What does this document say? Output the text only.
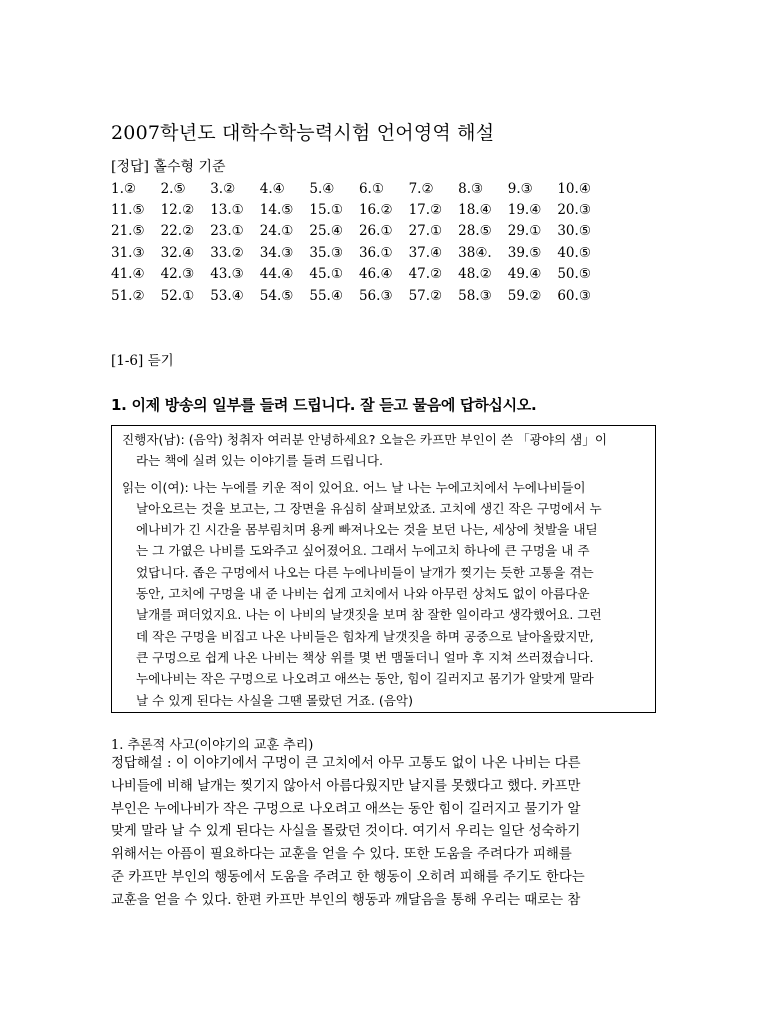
2007학년도 대학수학능력시험 언어영역 해설
[정답] 홀수형 기준
1.②	2.⑤	3.②	4.④	5.④	6.①	7.②	8.③	9.③	10.④
11.⑤	12.②	13.①	14.⑤	15.①	16.②	17.②	18.④	19.④	20.③
21.⑤	22.②	23.①	24.①	25.④	26.①	27.①	28.⑤	29.①	30.⑤
31.③	32.④	33.②	34.③	35.③	36.①	37.④	38④.	39.⑤	40.⑤
41.④	42.③	43.③	44.④	45.①	46.④	47.②	48.②	49.④	50.⑤
51.②	52.①	53.④	54.⑤	55.④	56.③	57.②	58.③	59.②	60.③
[1-6] 듣기
1. 이제 방송의 일부를 들려 드립니다. 잘 듣고 물음에 답하십시오.

진행자(남): (음악) 청취자 여러분 안녕하세요? 오늘은 카프만 부인이 쓴 「광야의 샘」이
라는 책에 실려 있는 이야기를 들려 드립니다.

읽는 이(여): 나는 누에를 키운 적이 있어요. 어느 날 나는 누에고치에서 누에나비들이
날아오르는 것을 보고는, 그 장면을 유심히 살펴보았죠. 고치에 생긴 작은 구멍에서 누
에나비가 긴 시간을 몸부림치며 용케 빠져나오는 것을 보던 나는, 세상에 첫발을 내딛
는 그 가엾은 나비를 도와주고 싶어졌어요. 그래서 누에고치 하나에 큰 구멍을 내 주
었답니다. 좁은 구멍에서 나오는 다른 누에나비들이 날개가 찢기는 듯한 고통을 겪는
동안, 고치에 구멍을 내 준 나비는 쉽게 고치에서 나와 아무런 상처도 없이 아름다운
날개를 펴더었지요. 나는 이 나비의 날갯짓을 보며 참 잘한 일이라고 생각했어요. 그런
데 작은 구멍을 비집고 나온 나비들은 힘차게 날갯짓을 하며 공중으로 날아올랐지만,
큰 구멍으로 쉽게 나온 나비는 책상 위를 몇 번 맴돌더니 얼마 후 지쳐 쓰러졌습니다.
누에나비는 작은 구멍으로 나오려고 애쓰는 동안, 힘이 길러지고 몸기가 알맞게 말라
날 수 있게 된다는 사실을 그땐 몰랐던 거죠. (음악)

1. 추론적 사고(이야기의 교훈 추리)
정답해설 : 이 이야기에서 구멍이 큰 고치에서 아무 고통도 없이 나온 나비는 다른
나비들에 비해 날개는 찢기지 않아서 아름다웠지만 날지를 못했다고 했다. 카프만
부인은 누에나비가 작은 구멍으로 나오려고 애쓰는 동안 힘이 길러지고 물기가 알
맞게 말라 날 수 있게 된다는 사실을 몰랐던 것이다. 여기서 우리는 일단 성숙하기
위해서는 아픔이 필요하다는 교훈을 얻을 수 있다. 또한 도움을 주려다가 피해를
준 카프만 부인의 행동에서 도움을 주려고 한 행동이 오히려 피해를 주기도 한다는
교훈을 얻을 수 있다. 한편 카프만 부인의 행동과 깨달음을 통해 우리는 때로는 참
